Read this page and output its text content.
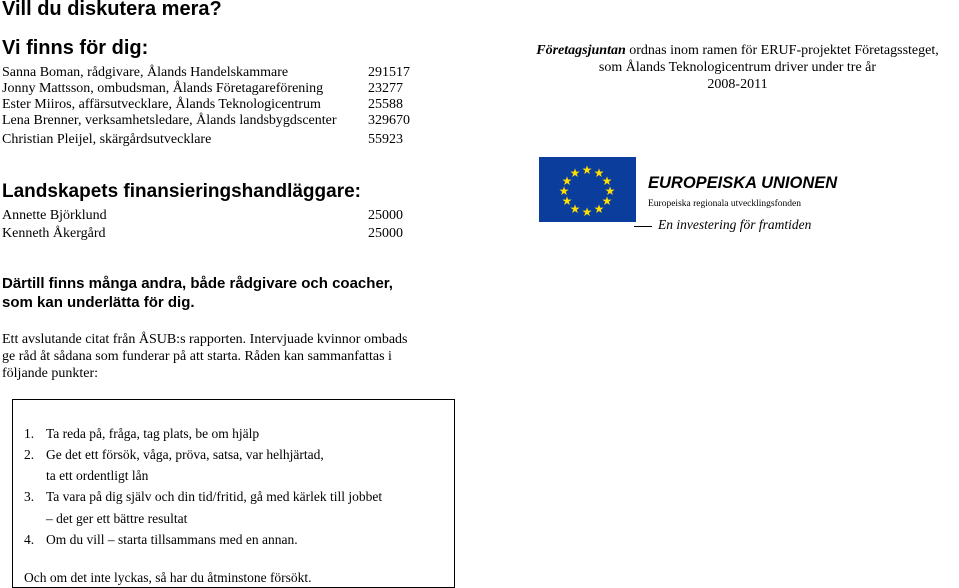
Vill du diskutera mera?
Vi finns för dig:
Sanna Boman, rådgivare, Ålands Handelskammare	291517
Jonny Mattsson, ombudsman, Ålands Företagareförening	23277
Ester Miiros, affärsutvecklare, Ålands Teknologicentrum	25588
Lena Brenner, verksamhetsledare, Ålands landsbygdscenter 329670
Christian Pleijel, skärgårdsutvecklare	55923
Landskapets finansieringshandläggare:
Annette Björklund	25000
Kenneth Åkergård	25000
Företagsjuntan ordnas inom ramen för ERUF-projektet Företagssteget,
som Ålands Teknologicentrum driver under tre år
2008-2011
★ ★
★
★
★
★
★
★
★
★
★
★
EUROPEISKA UNIONEN
Europeiska regionala utvecklingsfonden
En investering för framtiden
Därtill finns många andra, både rådgivare och coacher,
som kan underlätta för dig.
Ett avslutande citat från ÅSUB:s rapporten. Intervjuade kvinnor ombads
ge råd åt sådana som funderar på att starta. Råden kan sammanfattas i
följande punkter:
1. Ta reda på, fråga, tag plats, be om hjälp
2. Ge det ett försök, våga, pröva, satsa, var helhjärtad,
ta ett ordentligt lån
3. Ta vara på dig själv och din tid/fritid, gå med kärlek till jobbet
– det ger ett bättre resultat
4. Om du vill – starta tillsammans med en annan.
Och om det inte lyckas, så har du åtminstone försökt.
